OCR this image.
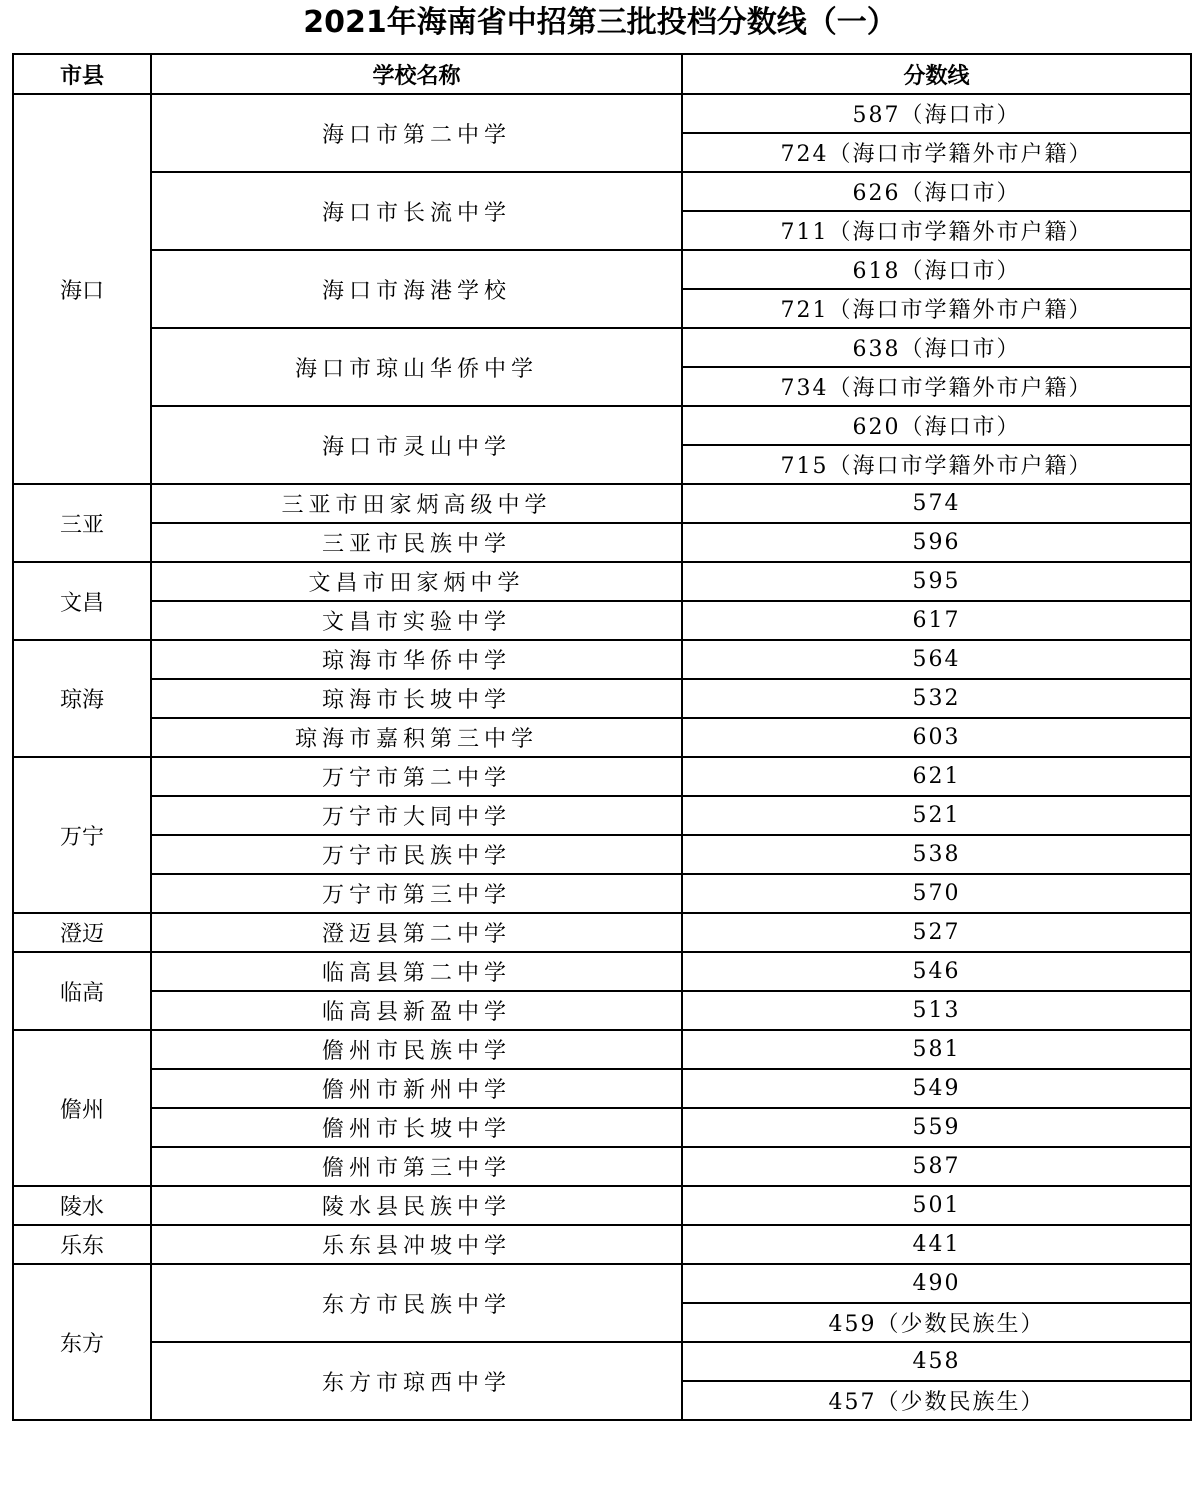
2021年海南省中招第三批投档分数线（一）
市县	学校名称	分数线
海口	海口市第二中学	587（海口市）
		724（海口市学籍外市户籍）
	海口市长流中学	626（海口市）
		711（海口市学籍外市户籍）
	海口市海港学校	618（海口市）
		721（海口市学籍外市户籍）
	海口市琼山华侨中学	638（海口市）
		734（海口市学籍外市户籍）
	海口市灵山中学	620（海口市）
		715（海口市学籍外市户籍）
三亚	三亚市田家炳高级中学	574
	三亚市民族中学	596
文昌	文昌市田家炳中学	595
	文昌市实验中学	617
琼海	琼海市华侨中学	564
	琼海市长坡中学	532
	琼海市嘉积第三中学	603
万宁	万宁市第二中学	621
	万宁市大同中学	521
	万宁市民族中学	538
	万宁市第三中学	570
澄迈	澄迈县第二中学	527
临高	临高县第二中学	546
	临高县新盈中学	513
儋州	儋州市民族中学	581
	儋州市新州中学	549
	儋州市长坡中学	559
	儋州市第三中学	587
陵水	陵水县民族中学	501
乐东	乐东县冲坡中学	441
东方	东方市民族中学	490
		459（少数民族生）
	东方市琼西中学	458
		457（少数民族生）
